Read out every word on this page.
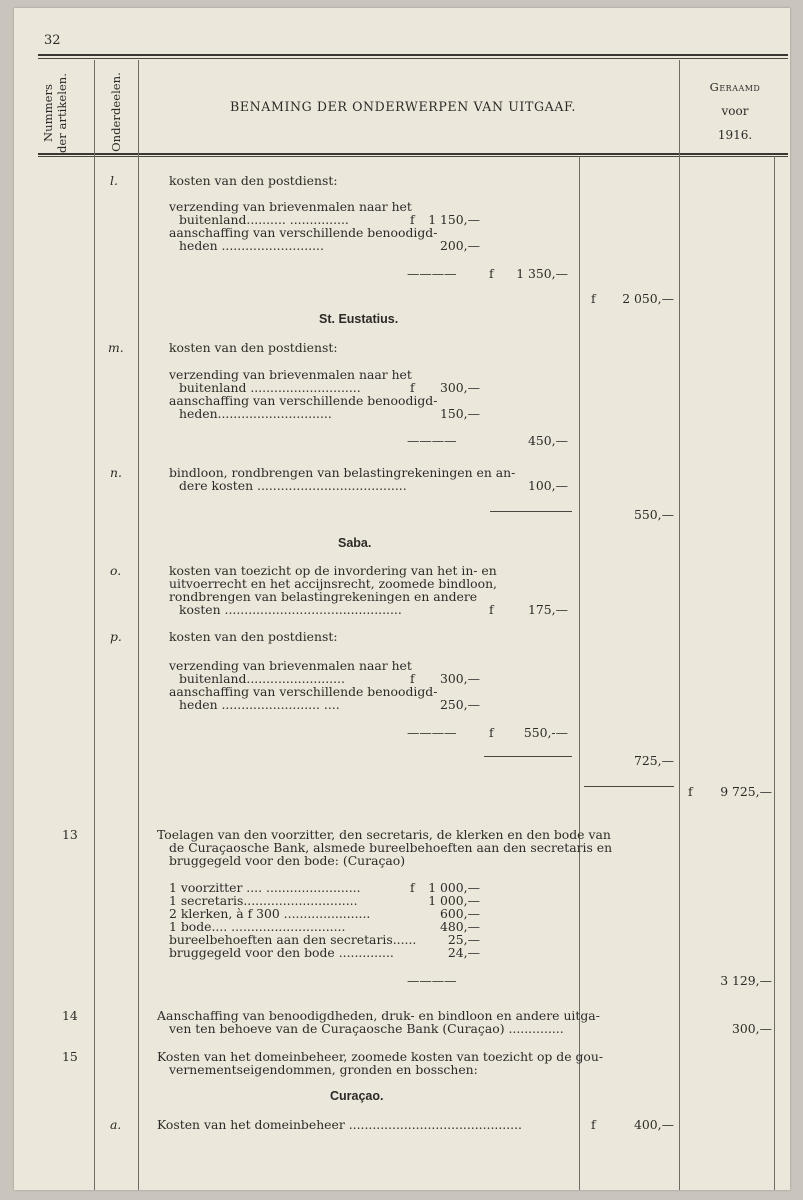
32
Nummers der artikelen.	Onderdeelen.	BENAMING DER ONDERWERPEN VAN UITGAAF.
Geraamd
voor
1916.
l.	kosten van den postdienst:
verzending van brievenmalen naar het
buitenland.......... ...............	f	1 150,—
aanschaffing van verschillende benoodigd-
heden ..........................	200,—
————	f	1 350,—
f	2 050,—
St. Eustatius.
m.	kosten van den postdienst:
verzending van brievenmalen naar het
buitenland ............................	f	300,—
aanschaffing van verschillende benoodigd-
heden.............................	150,—
————	450,—
n.	bindloon, rondbrengen van belastingrekeningen en an-
dere kosten ......................................	100,—
550,—
Saba.
o.	kosten van toezicht op de invordering van het in- en
uitvoerrecht en het accijnsrecht, zoomede bindloon,
rondbrengen van belastingrekeningen en andere
kosten .............................................	f	175,—
p.	kosten van den postdienst:
verzending van brievenmalen naar het
buitenland.........................	f	300,—
aanschaffing van verschillende benoodigd-
heden ......................... ....	250,—
————	f	550,-—
725,—
f	9 725,—
13	Toelagen van den voorzitter, den secretaris, de klerken en den bode van
de Curaçaosche Bank, alsmede bureelbehoeften aan den secretaris en
bruggegeld voor den bode: (Curaçao)
1 voorzitter .... ........................	f	1 000,—
1 secretaris.............................	1 000,—
2 klerken, à f 300 ......................	600,—
1 bode.... .............................	480,—
bureelbehoeften aan den secretaris......	25,—
bruggegeld voor den bode ..............	24,—
————	3 129,—
14	Aanschaffing van benoodigdheden, druk- en bindloon en andere uitga-
ven ten behoeve van de Curaçaosche Bank (Curaçao) ..............	300,—
15	Kosten van het domeinbeheer, zoomede kosten van toezicht op de gou-
vernementseigendommen, gronden en bosschen:
Curaçao.
a.	Kosten van het domeinbeheer ............................................	f	400,—
